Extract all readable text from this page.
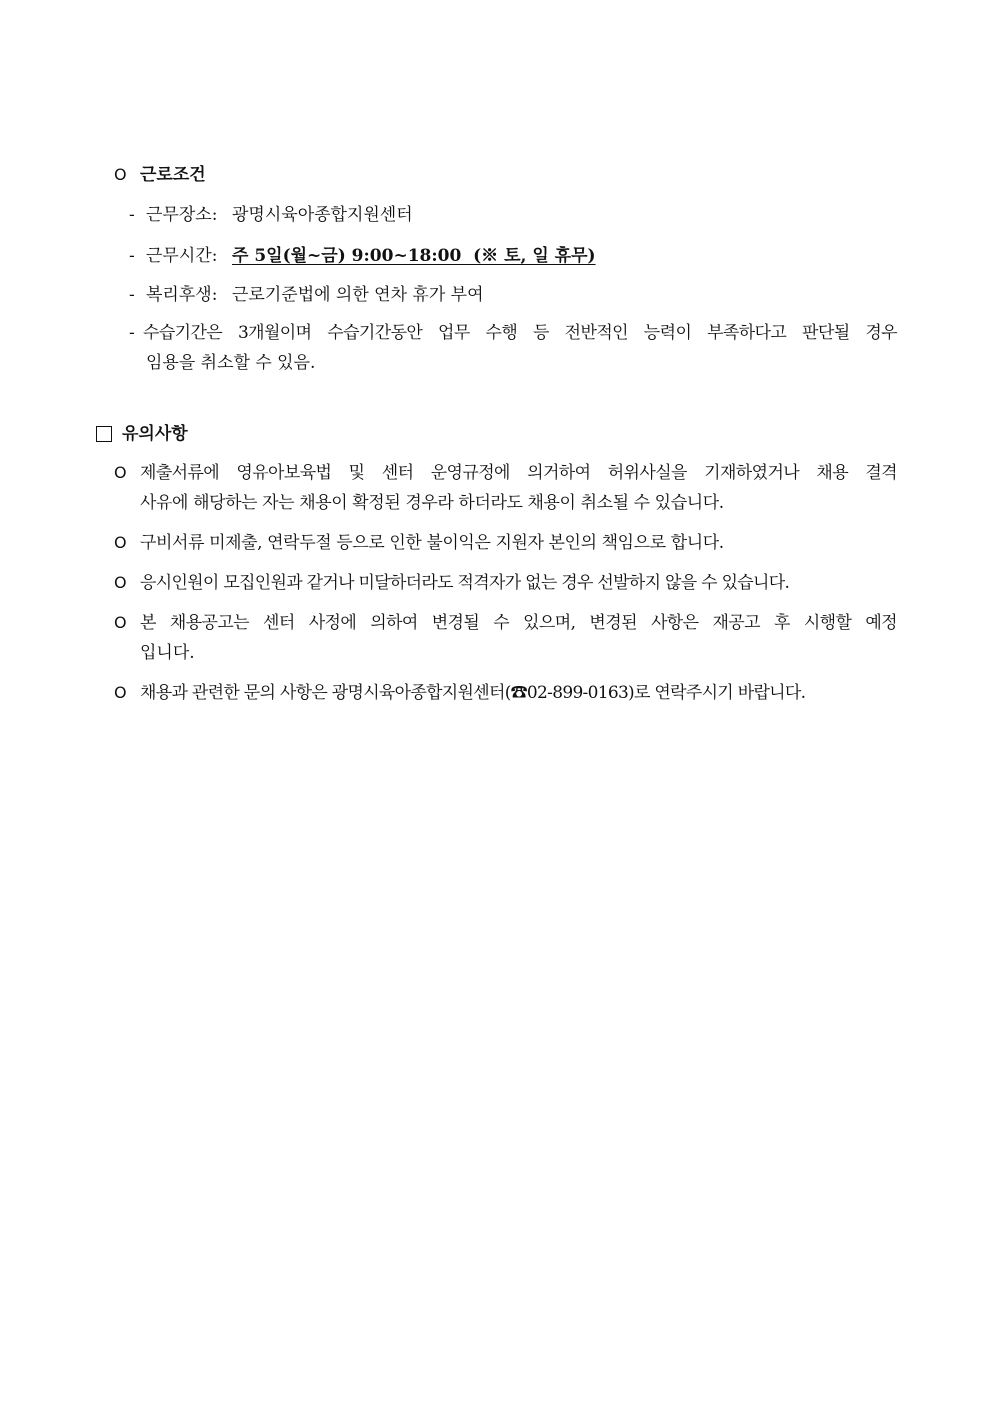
O 근로조건
- 근무장소: 광명시육아종합지원센터
- 근무시간: 주 5일(월~금) 9:00~18:00  (※ 토, 일 휴무)
- 복리후생: 근로기준법에 의한 연차 휴가 부여
- 수습기간은 3개월이며 수습기간동안 업무 수행 등 전반적인 능력이 부족하다고 판단될 경우
임용을 취소할 수 있음.
유의사항
O 제출서류에 영유아보육법 및 센터 운영규정에 의거하여 허위사실을 기재하였거나 채용 결격
사유에 해당하는 자는 채용이 확정된 경우라 하더라도 채용이 취소될 수 있습니다.
O 구비서류 미제출, 연락두절 등으로 인한 불이익은 지원자 본인의 책임으로 합니다.
O 응시인원이 모집인원과 같거나 미달하더라도 적격자가 없는 경우 선발하지 않을 수 있습니다.
O 본 채용공고는 센터 사정에 의하여 변경될 수 있으며, 변경된 사항은 재공고 후 시행할 예정
입니다.
O 채용과 관련한 문의 사항은 광명시육아종합지원센터(☎02-899-0163)로 연락주시기 바랍니다.
